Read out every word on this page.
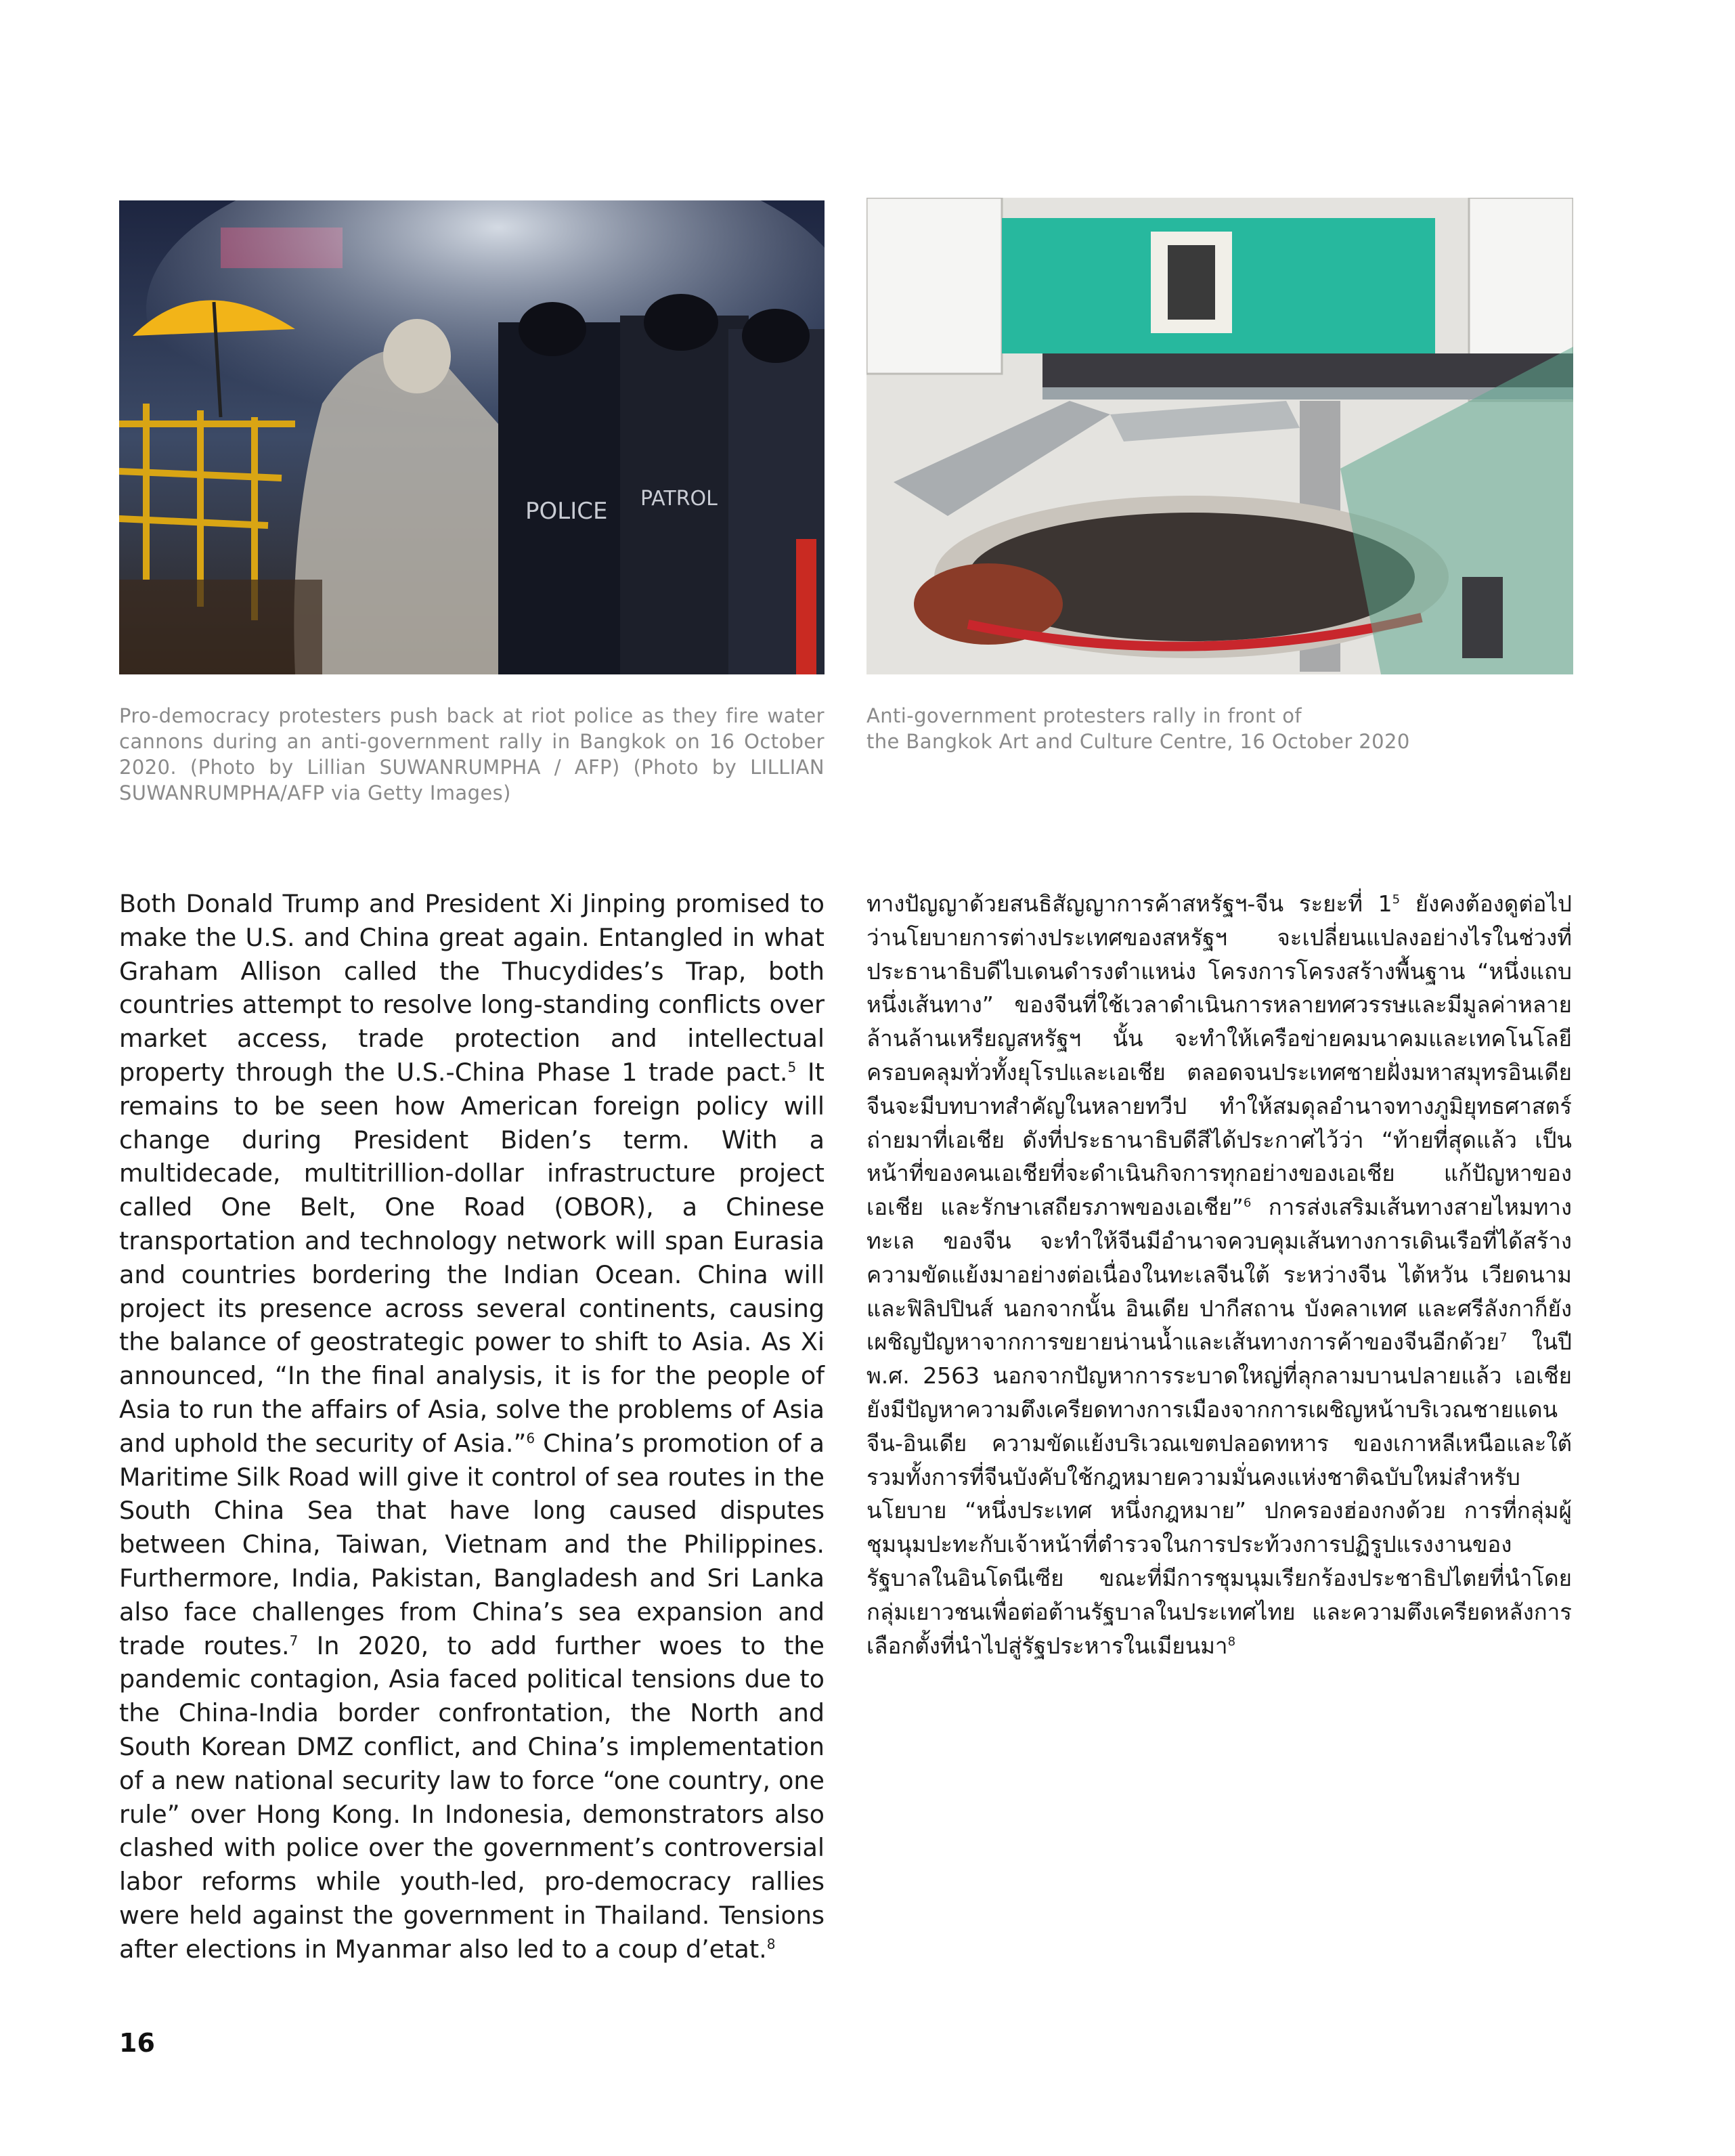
POLICE PATROL

Pro-democracy protesters push back at riot police as they fire water cannons during an anti-government rally in Bangkok on 16 October 2020. (Photo by Lillian SUWANRUMPHA / AFP) (Photo by LILLIAN SUWANRUMPHA/AFP via Getty Images)

Anti-government protesters rally in front of
the Bangkok Art and Culture Centre, 16 October 2020

Both Donald Trump and President Xi Jinping promised to make the U.S. and China great again. Entangled in what Graham Allison called the Thucydides’s Trap, both countries attempt to resolve long-standing conflicts over market access, trade protection and intellectual property through the U.S.-China Phase 1 trade pact.$^5$ It remains to be seen how American foreign policy will change during President Biden’s term. With a multidecade, multitrillion-dollar infrastructure project called One Belt, One Road (OBOR), a Chinese transportation and technology network will span Eurasia and countries bordering the Indian Ocean. China will project its presence across several continents, causing the balance of geostrategic power to shift to Asia. As Xi announced, “In the final analysis, it is for the people of Asia to run the affairs of Asia, solve the problems of Asia and uphold the security of Asia.”$^6$ China’s promotion of a Maritime Silk Road will give it control of sea routes in the South China Sea that have long caused disputes between China, Taiwan, Vietnam and the Philippines. Furthermore, India, Pakistan, Bangladesh and Sri Lanka also face challenges from China’s sea expansion and trade routes.$^7$ In 2020, to add further woes to the pandemic contagion, Asia faced political tensions due to the China-India border confrontation, the North and South Korean DMZ conflict, and China’s implementation of a new national security law to force “one country, one rule” over Hong Kong. In Indonesia, demonstrators also clashed with police over the government’s controversial labor reforms while youth-led, pro-democracy rallies were held against the government in Thailand. Tensions after elections in Myanmar also led to a coup d’etat.$^8$

ทางปัญญาด้วยสนธิสัญญาการค้าสหรัฐฯ-จีน ระยะที่ $1^5$ ยังคงต้องดูต่อไปว่านโยบายการต่างประเทศของสหรัฐฯ จะเปลี่ยนแปลงอย่างไรในช่วงที่ประธานาธิบดีไบเดนดำรงตำแหน่ง โครงการโครงสร้างพื้นฐาน “หนึ่งแถบ หนึ่งเส้นทาง” ของจีนที่ใช้เวลาดำเนินการหลายทศวรรษและมีมูลค่าหลายล้านล้านเหรียญสหรัฐฯ นั้น จะทำให้เครือข่ายคมนาคมและเทคโนโลยีครอบคลุมทั่วทั้งยุโรปและเอเชีย ตลอดจนประเทศชายฝั่งมหาสมุทรอินเดีย จีนจะมีบทบาทสำคัญในหลายทวีป ทำให้สมดุลอำนาจทางภูมิยุทธศาสตร์ถ่ายมาที่เอเชีย ดังที่ประธานาธิบดีสีได้ประกาศไว้ว่า “ท้ายที่สุดแล้ว เป็นหน้าที่ของคนเอเชียที่จะดำเนินกิจการทุกอย่างของเอเชีย แก้ปัญหาของเอเชีย และรักษาเสถียรภาพของเอเชีย”$^6$ การส่งเสริมเส้นทางสายไหมทางทะเล ของจีน จะทำให้จีนมีอำนาจควบคุมเส้นทางการเดินเรือที่ได้สร้างความขัดแย้งมาอย่างต่อเนื่องในทะเลจีนใต้ ระหว่างจีน ไต้หวัน เวียดนาม และฟิลิปปินส์ นอกจากนั้น อินเดีย ปากีสถาน บังคลาเทศ และศรีลังกาก็ยังเผชิญปัญหาจากการขยายน่านน้ำและเส้นทางการค้าของจีนอีกด้วย$^7$ ในปี พ.ศ. 2563 นอกจากปัญหาการระบาดใหญ่ที่ลุกลามบานปลายแล้ว เอเชียยังมีปัญหาความตึงเครียดทางการเมืองจากการเผชิญหน้าบริเวณชายแดนจีน-อินเดีย ความขัดแย้งบริเวณเขตปลอดทหาร ของเกาหลีเหนือและใต้ รวมทั้งการที่จีนบังคับใช้กฎหมายความมั่นคงแห่งชาติฉบับใหม่สำหรับนโยบาย “หนึ่งประเทศ หนึ่งกฎหมาย” ปกครองฮ่องกงด้วย การที่กลุ่มผู้ชุมนุมปะทะกับเจ้าหน้าที่ตำรวจในการประท้วงการปฏิรูปแรงงานของรัฐบาลในอินโดนีเซีย ขณะที่มีการชุมนุมเรียกร้องประชาธิปไตยที่นำโดยกลุ่มเยาวชนเพื่อต่อต้านรัฐบาลในประเทศไทย และความตึงเครียดหลังการเลือกตั้งที่นำไปสู่รัฐประหารในเมียนมา$^8$

16
